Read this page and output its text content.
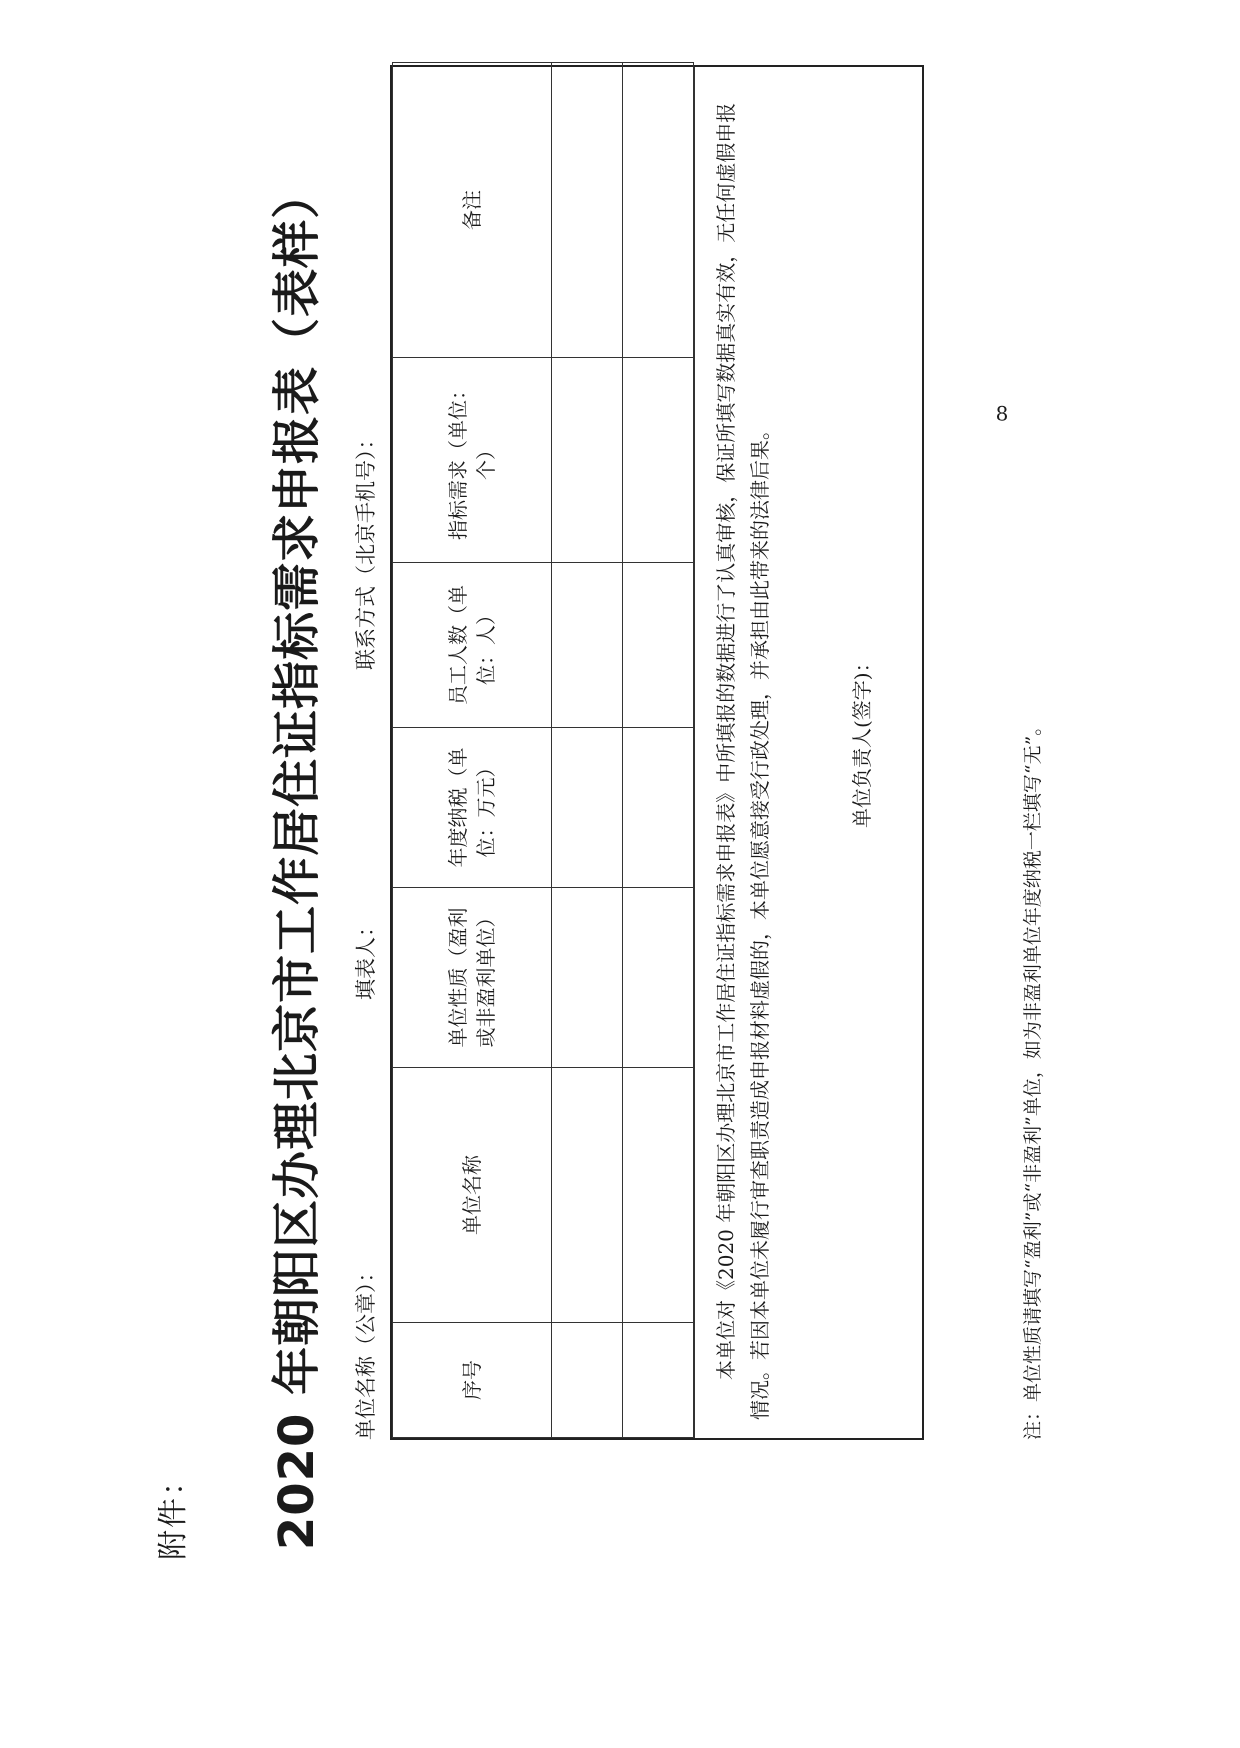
附件： 2020 年朝阳区办理北京市工作居住证指标需求申报表（表样） 单位名称（公章）：
填表人：
联系方式（北京手机号）：
序号	单位名称	单位性质（盈利或非盈利单位）	年度纳税（单位：万元）	员工人数（单位：人）	指标需求（单位：个）	备注

							本单位对《2020 年朝阳区办理北京市工作居住证指标需求申报表》中所填报的数据进行了认真审核，保证所填写数据真实有效，无任何虚假申报情况。若因本单位未履行审查职责造成申报材料虚假的，本单位愿意接受行政处理，并承担由此带来的法律后果。	单位负责人(签字)：	注：单位性质请填写“盈利”或“非盈利”单位，如为非盈利单位年度纳税一栏填写“无”。
8
